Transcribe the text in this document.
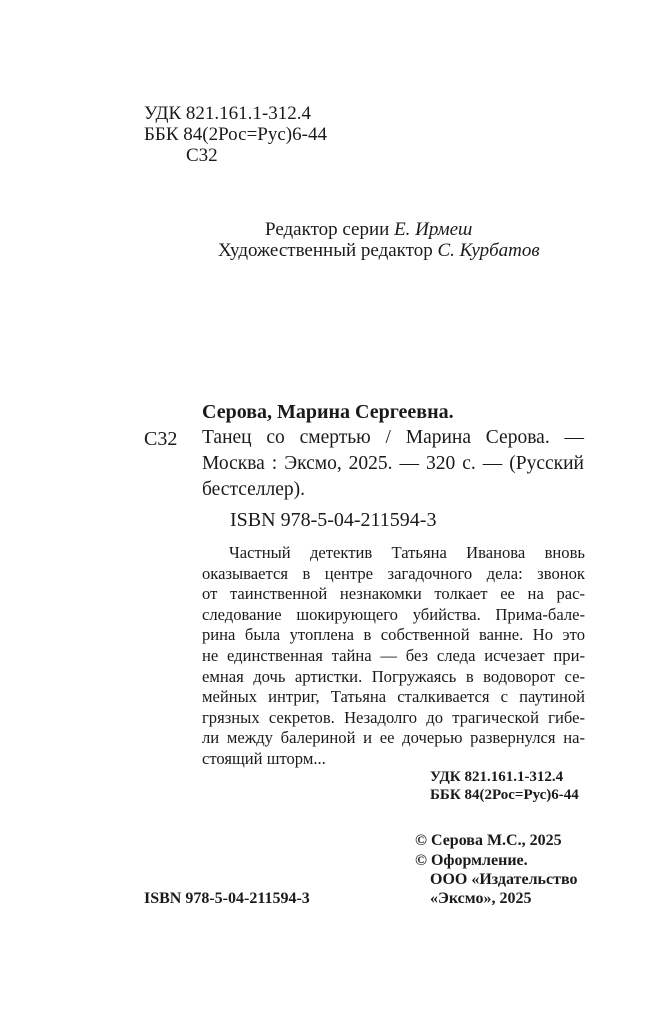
УДК 821.161.1-312.4
ББК 84(2Рос=Рус)6-44
С32
Редактор серии Е. Ирмеш
Художественный редактор С. Курбатов
Серова, Марина Сергеевна.
С32 Танец со смертью / Марина Серова. —
Москва : Эксмо, 2025. — 320 с. — (Русский
бестселлер).
ISBN 978-5-04-211594-3

Частный детектив Татьяна Иванова вновь

оказывается в центре загадочного дела: звонок

от таинственной незнакомки толкает ее на рас-

следование шокирующего убийства. Прима-бале-

рина была утоплена в собственной ванне. Но это

не единственная тайна — без следа исчезает при-

емная дочь артистки. Погружаясь в водоворот се-

мейных интриг, Татьяна сталкивается с паутиной

грязных секретов. Незадолго до трагической гибе-

ли между балериной и ее дочерью развернулся на-

стоящий шторм...

УДК 821.161.1-312.4
ББК 84(2Рос=Рус)6-44
© Серова М.С., 2025
© Оформление.
ООО «Издательство
«Эксмо», 2025
ISBN 978-5-04-211594-3
